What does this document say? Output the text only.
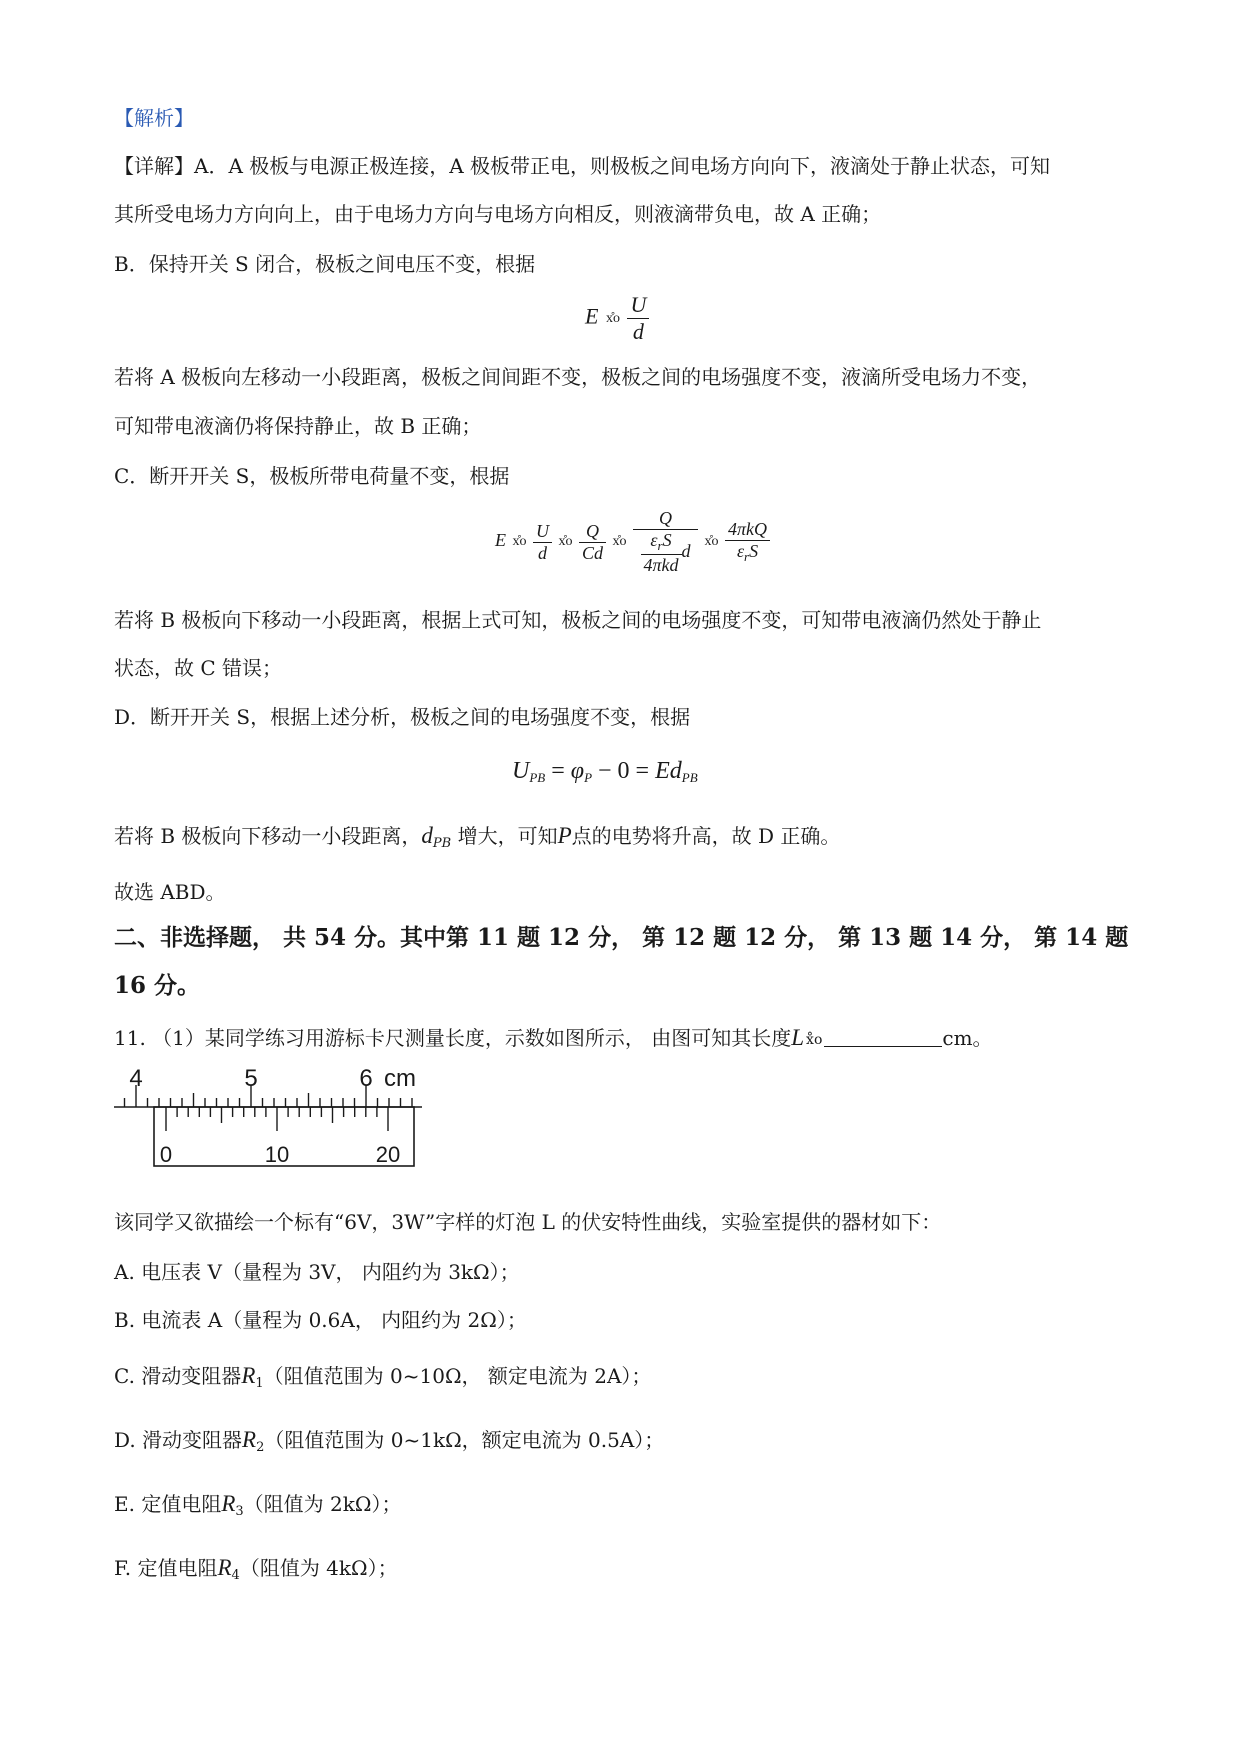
【解析】
【详解】A．A 极板与电源正极连接，A 极板带正电，则极板之间电场方向向下，液滴处于静止状态，可知
其所受电场力方向向上，由于电场力方向与电场方向相反，则液滴带负电，故 A 正确；
B．保持开关 S 闭合，极板之间电压不变，根据
E x̊o $\frac{U}{d}$
若将 A 极板向左移动一小段距离，极板之间间距不变，极板之间的电场强度不变，液滴所受电场力不变，
可知带电液滴仍将保持静止，故 B 正确；
C．断开开关 S，极板所带电荷量不变，根据
E x̊o $\frac{U}{d}$ x̊o $\frac{Q}{Cd}$ x̊o $\frac{Q}{\frac{\varepsilon_rS}{\text{4πkd}} d}$ x̊o $\frac{\text{4πkQ}}{\varepsilon_rS}$
若将 B 极板向下移动一小段距离，根据上式可知，极板之间的电场强度不变，可知带电液滴仍然处于静止
状态，故 C 错误；
D．断开开关 S，根据上述分析，极板之间的电场强度不变，根据
$U_{PB} = \varphi_P - 0 = Ed_{PB}$
若将 B 极板向下移动一小段距离，$d_{PB}$ 增大，可知P点的电势将升高，故 D 正确。
故选 ABD。
二、非选择题， 共 54 分。其中第 11 题 12 分， 第 12 题 12 分， 第 13 题 14 分， 第 14 题
16 分。
11. （1）某同学练习用游标卡尺测量长度，示数如图所示， 由图可知其长度L x̊o	cm。
4	5	6 cm
0	10	20
该同学又欲描绘一个标有“6V，3W”字样的灯泡 L 的伏安特性曲线，实验室提供的器材如下：
A. 电压表 V（量程为 3V， 内阻约为 3kΩ）；
B. 电流表 A（量程为 0.6A， 内阻约为 2Ω）；
C. 滑动变阻器$R_1$（阻值范围为 0~10Ω， 额定电流为 2A）；
D. 滑动变阻器$R_2$（阻值范围为 0~1kΩ，额定电流为 0.5A）；
E. 定值电阻$R_3$（阻值为 2kΩ）；
F. 定值电阻$R_4$（阻值为 4kΩ）；
